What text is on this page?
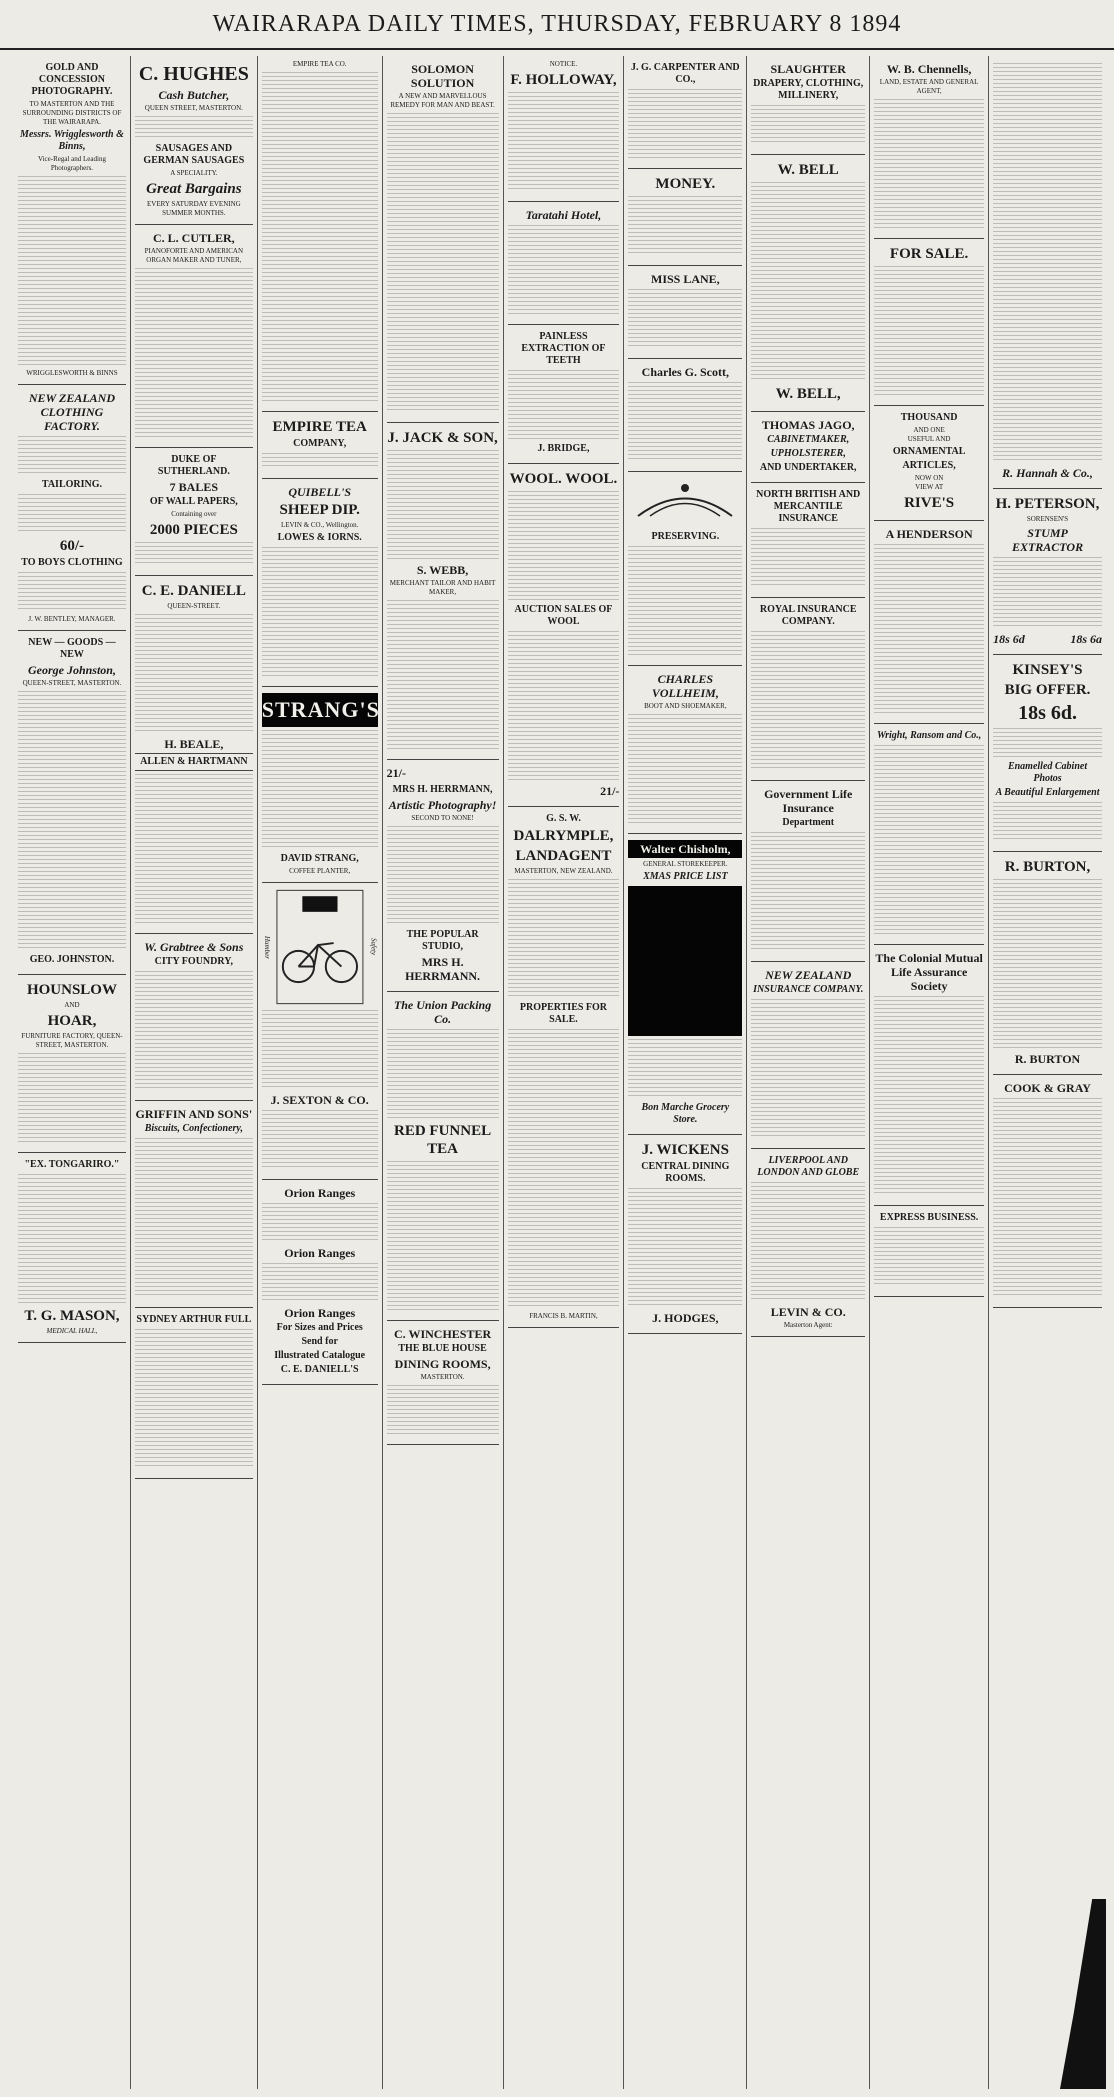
WAIRARAPA DAILY TIMES, THURSDAY, FEBRUARY 8 1894
GOLD AND CONCESSION PHOTOGRAPHY.
TO MASTERTON AND THE SURROUNDING DISTRICTS OF THE WAIRARAPA.
Messrs. Wrigglesworth & Binns,
Vice-Regal and Leading Photographers.
WRIGGLESWORTH & BINNS
NEW ZEALAND CLOTHING FACTORY.
TAILORING.
60/-
TO BOYS CLOTHING
J. W. BENTLEY, MANAGER.
NEW — GOODS — NEW
George Johnston,
QUEEN-STREET, MASTERTON.
GEO. JOHNSTON.
HOUNSLOW
AND
HOAR,
FURNITURE FACTORY, QUEEN-STREET, MASTERTON.
"EX. TONGARIRO."
T. G. MASON,
MEDICAL HALL,
C. HUGHES
Cash Butcher,
QUEEN STREET, MASTERTON.
SAUSAGES AND GERMAN SAUSAGES
A SPECIALITY.
Great Bargains
EVERY SATURDAY EVENING
SUMMER MONTHS.
C. L. CUTLER,
PIANOFORTE AND AMERICAN ORGAN MAKER AND TUNER,
DUKE OF SUTHERLAND.
7 BALES
OF WALL PAPERS,
Containing over
2000 PIECES
C. E. DANIELL
QUEEN-STREET.
H. BEALE,
ALLEN & HARTMANN
W. Grabtree & Sons
CITY FOUNDRY,
GRIFFIN AND SONS'
Biscuits, Confectionery,
SYDNEY ARTHUR FULL
EMPIRE TEA CO.
EMPIRE TEA
COMPANY,
QUIBELL'S
SHEEP DIP.
LEVIN & CO., Wellington.
LOWES & IORNS.
STRANG'S
DAVID STRANG,
COFFEE PLANTER,
Humber	Safety
J. SEXTON & CO.
Orion Ranges
Orion Ranges
Orion Ranges
For Sizes and Prices
Send for
Illustrated Catalogue
C. E. DANIELL'S
SOLOMON SOLUTION
A NEW AND MARVELLOUS REMEDY FOR MAN AND BEAST.
J. JACK & SON,
S. WEBB,
MERCHANT TAILOR AND HABIT MAKER,
21/-
MRS H. HERRMANN,
Artistic Photography!
SECOND TO NONE!
THE POPULAR STUDIO,
MRS H. HERRMANN.
The Union Packing Co.
RED FUNNEL TEA
C. WINCHESTER
THE BLUE HOUSE
DINING ROOMS,
MASTERTON.
NOTICE.
F. HOLLOWAY,
Taratahi Hotel,
PAINLESS EXTRACTION OF TEETH
J. BRIDGE,
WOOL. WOOL.
AUCTION SALES OF WOOL
21/-
G. S. W.
DALRYMPLE,
LANDAGENT
MASTERTON, NEW ZEALAND.
PROPERTIES FOR SALE.
FRANCIS B. MARTIN,
J. G. CARPENTER AND CO.,
MONEY.
MISS LANE,
Charles G. Scott,
PRESERVING.
CHARLES VOLLHEIM,
BOOT AND SHOEMAKER,
Walter Chisholm,
GENERAL STOREKEEPER.
XMAS PRICE LIST
Bon Marche Grocery Store.
J. WICKENS
CENTRAL DINING ROOMS.
J. HODGES,
SLAUGHTER
DRAPERY, CLOTHING, MILLINERY,
W. BELL
W. BELL,
THOMAS JAGO,
CABINETMAKER,
UPHOLSTERER,
AND UNDERTAKER,
NORTH BRITISH AND MERCANTILE INSURANCE
ROYAL INSURANCE COMPANY.
Government Life Insurance
Department
NEW ZEALAND
INSURANCE COMPANY.
LIVERPOOL AND LONDON AND GLOBE
LEVIN & CO.
Masterton Agent:
W. B. Chennells,
LAND, ESTATE AND GENERAL AGENT,
FOR SALE.
THOUSAND
AND ONE
USEFUL AND
ORNAMENTAL
ARTICLES,
NOW ON
VIEW AT
RIVE'S
A HENDERSON
Wright, Ransom and Co.,
The Colonial Mutual Life Assurance Society
EXPRESS BUSINESS.
R. Hannah & Co.,
H. PETERSON,
SORENSEN'S
STUMP EXTRACTOR
18s 6d	18s 6a
KINSEY'S
BIG OFFER.
18s 6d.
Enamelled Cabinet Photos
A Beautiful Enlargement
R. BURTON,
R. BURTON
COOK & GRAY
